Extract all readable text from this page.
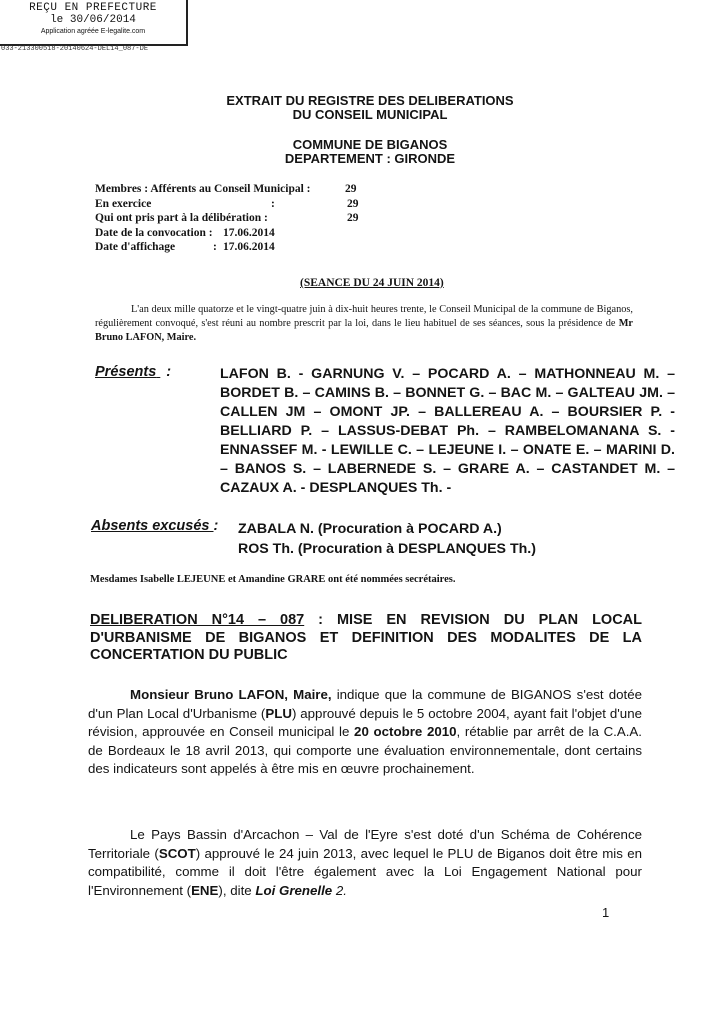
REÇU EN PREFECTURE
le 30/06/2014
Application agréée E-legalite.com
033-213300518-20140624-DEL14_087-DE
EXTRAIT DU REGISTRE DES DELIBERATIONS
DU CONSEIL MUNICIPAL
COMMUNE DE BIGANOS
DEPARTEMENT : GIRONDE
Membres : Afférents au Conseil Municipal :	29
En exercice	:	29
Qui ont pris part à la délibération :	29
Date de la convocation : 17.06.2014
Date d'affichage	: 17.06.2014
(SEANCE DU 24 JUIN 2014)
L'an deux mille quatorze et le vingt-quatre juin à dix-huit heures trente, le Conseil Municipal de la commune de Biganos, régulièrement convoqué, s'est réuni au nombre prescrit par la loi, dans le lieu habituel de ses séances, sous la présidence de Mr Bruno LAFON, Maire.
Présents :	LAFON B. - GARNUNG V. – POCARD A. – MATHONNEAU M. – BORDET B. – CAMINS B. – BONNET G. – BAC M. – GALTEAU JM. – CALLEN JM – OMONT JP. – BALLEREAU A. – BOURSIER P. - BELLIARD P. – LASSUS-DEBAT Ph. – RAMBELOMANANA S. - ENNASSEF M. - LEWILLE C. – LEJEUNE I. – ONATE E. – MARINI D. – BANOS S. – LABERNEDE S. – GRARE A. – CASTANDET M. – CAZAUX A. - DESPLANQUES Th. -
Absents excusés : ZABALA N. (Procuration à POCARD A.)
ROS Th. (Procuration à DESPLANQUES Th.)
Mesdames Isabelle LEJEUNE et Amandine GRARE ont été nommées secrétaires.
DELIBERATION N°14 – 087 : MISE EN REVISION DU PLAN LOCAL D'URBANISME DE BIGANOS ET DEFINITION DES MODALITES DE LA CONCERTATION DU PUBLIC
Monsieur Bruno LAFON, Maire, indique que la commune de BIGANOS s'est dotée d'un Plan Local d'Urbanisme (PLU) approuvé depuis le 5 octobre 2004, ayant fait l'objet d'une révision, approuvée en Conseil municipal le 20 octobre 2010, rétablie par arrêt de la C.A.A. de Bordeaux le 18 avril 2013, qui comporte une évaluation environnementale, dont certains des indicateurs sont appelés à être mis en œuvre prochainement.
Le Pays Bassin d'Arcachon – Val de l'Eyre s'est doté d'un Schéma de Cohérence Territoriale (SCOT) approuvé le 24 juin 2013, avec lequel le PLU de Biganos doit être mis en compatibilité, comme il doit l'être également avec la Loi Engagement National pour l'Environnement (ENE), dite Loi Grenelle 2.
1
